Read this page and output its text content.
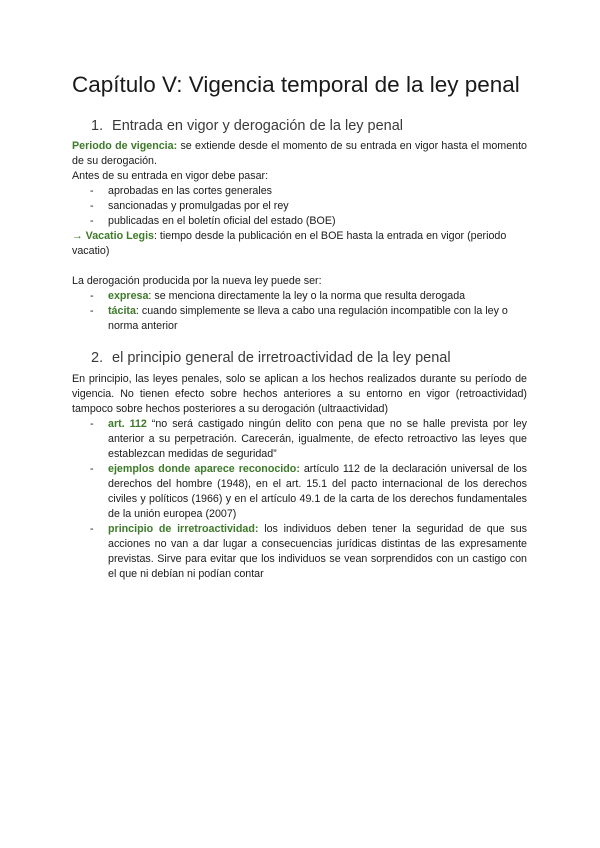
Capítulo V: Vigencia temporal de la ley penal
1. Entrada en vigor y derogación de la ley penal
Periodo de vigencia: se extiende desde el momento de su entrada en vigor hasta el momento de su derogación.
Antes de su entrada en vigor debe pasar:
- aprobadas en las cortes generales
- sancionadas y promulgadas por el rey
- publicadas en el boletín oficial del estado (BOE)
→ Vacatio Legis: tiempo desde la publicación en el BOE hasta la entrada en vigor (periodo vacatio)
La derogación producida por la nueva ley puede ser:
- expresa: se menciona directamente la ley o la norma que resulta derogada
- tácita: cuando simplemente se lleva a cabo una regulación incompatible con la ley o norma anterior
2. el principio general de irretroactividad de la ley penal
En principio, las leyes penales, solo se aplican a los hechos realizados durante su período de vigencia. No tienen efecto sobre hechos anteriores a su entorno en vigor (retroactividad) tampoco sobre hechos posteriores a su derogación (ultraactividad)
- art. 112 “no será castigado ningún delito con pena que no se halle prevista por ley anterior a su perpetración. Carecerán, igualmente, de efecto retroactivo las leyes que establezcan medidas de seguridad”
- ejemplos donde aparece reconocido: artículo 112 de la declaración universal de los derechos del hombre (1948), en el art. 15.1 del pacto internacional de los derechos civiles y políticos (1966) y en el artículo 49.1 de la carta de los derechos fundamentales de la unión europea (2007)
- principio de irretroactividad: los individuos deben tener la seguridad de que sus acciones no van a dar lugar a consecuencias jurídicas distintas de las expresamente previstas. Sirve para evitar que los individuos se vean sorprendidos con un castigo con el que ni debían ni podían contar
